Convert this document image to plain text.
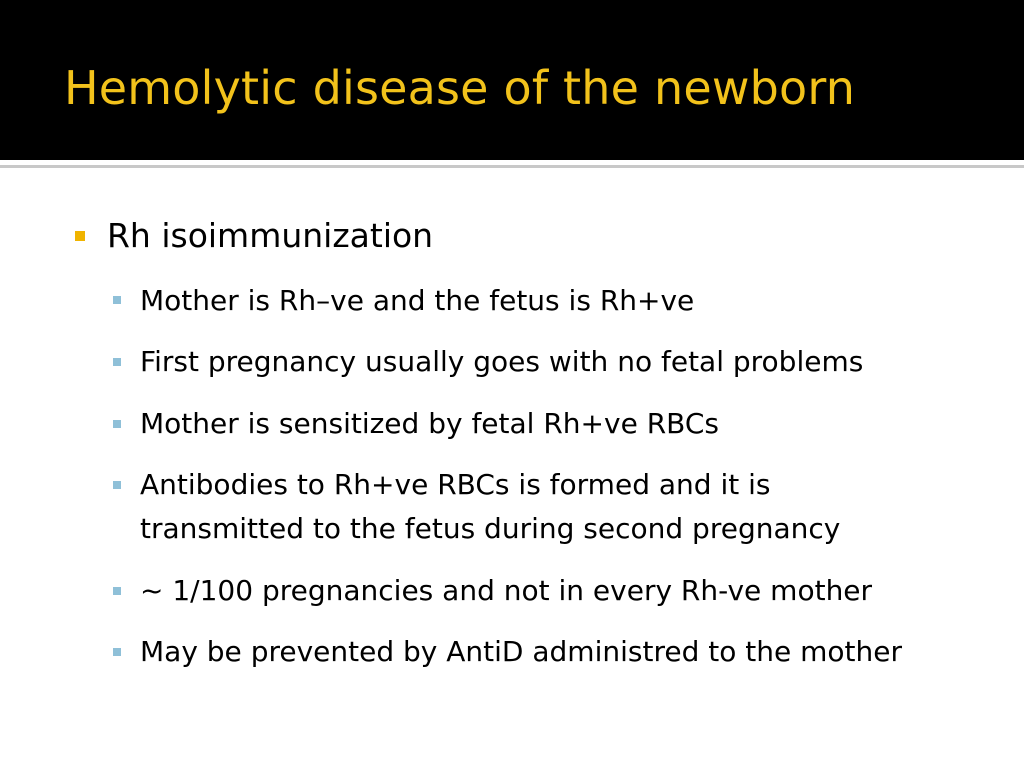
Hemolytic disease of the newborn
Rh isoimmunization
Mother is Rh–ve and the fetus is Rh+ve
First pregnancy usually goes with no fetal problems
Mother is sensitized by fetal Rh+ve RBCs
Antibodies to Rh+ve RBCs is formed and it is
transmitted to the fetus during second pregnancy
~ 1/100 pregnancies and not in every Rh-ve mother
May be prevented by AntiD administred to the mother
